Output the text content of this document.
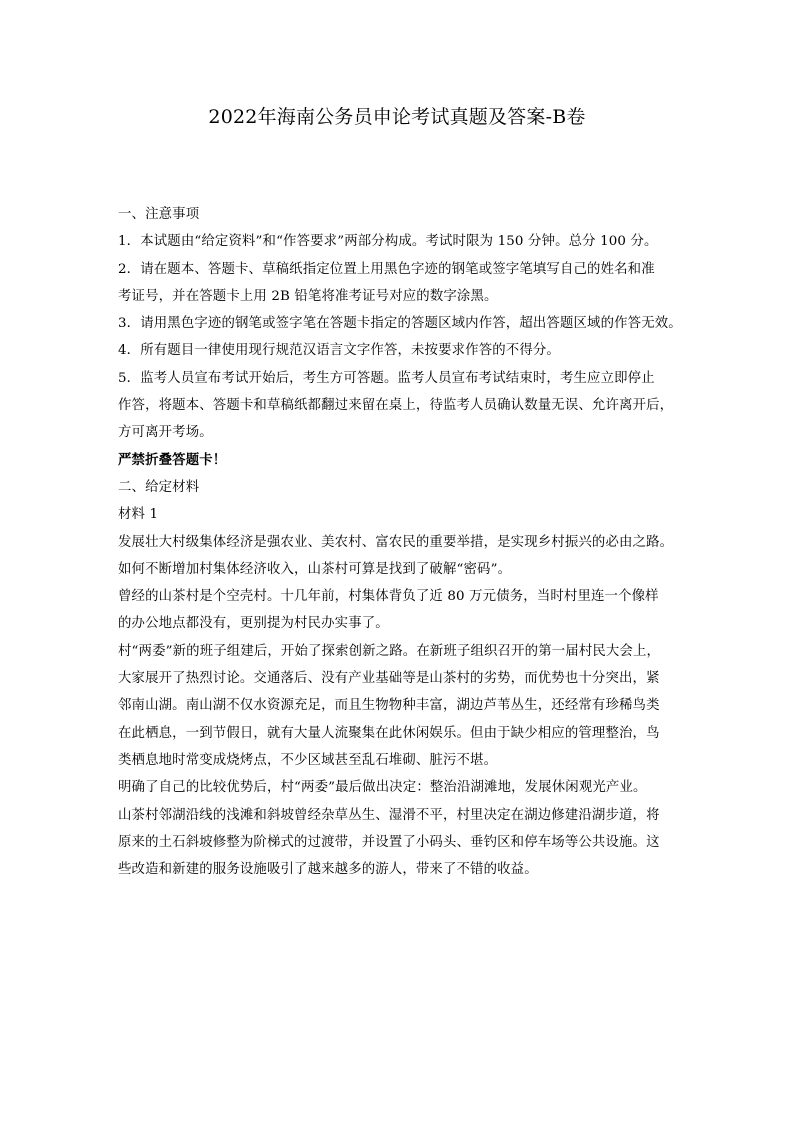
2022年海南公务员申论考试真题及答案-B卷
一、注意事项
1．本试题由“给定资料”和“作答要求”两部分构成。考试时限为 150 分钟。总分 100 分。
2．请在题本、答题卡、草稿纸指定位置上用黑色字迹的钢笔或签字笔填写自己的姓名和准
考证号，并在答题卡上用 2B 铅笔将准考证号对应的数字涂黑。
3．请用黑色字迹的钢笔或签字笔在答题卡指定的答题区域内作答，超出答题区域的作答无效。
4．所有题目一律使用现行规范汉语言文字作答，未按要求作答的不得分。
5．监考人员宣布考试开始后，考生方可答题。监考人员宣布考试结束时，考生应立即停止
作答，将题本、答题卡和草稿纸都翻过来留在桌上，待监考人员确认数量无误、允许离开后，
方可离开考场。
严禁折叠答题卡！
二、给定材料
材料 1
发展壮大村级集体经济是强农业、美农村、富农民的重要举措，是实现乡村振兴的必由之路。
如何不断增加村集体经济收入，山茶村可算是找到了破解“密码”。
曾经的山茶村是个空壳村。十几年前，村集体背负了近 80 万元债务，当时村里连一个像样
的办公地点都没有，更别提为村民办实事了。
村“两委”新的班子组建后，开始了探索创新之路。在新班子组织召开的第一届村民大会上，
大家展开了热烈讨论。交通落后、没有产业基础等是山茶村的劣势，而优势也十分突出，紧
邻南山湖。南山湖不仅水资源充足，而且生物物种丰富，湖边芦苇丛生，还经常有珍稀鸟类
在此栖息，一到节假日，就有大量人流聚集在此休闲娱乐。但由于缺少相应的管理整治，鸟
类栖息地时常变成烧烤点，不少区域甚至乱石堆砌、脏污不堪。
明确了自己的比较优势后，村“两委”最后做出决定：整治沿湖滩地，发展休闲观光产业。
山茶村邻湖沿线的浅滩和斜坡曾经杂草丛生、湿滑不平，村里决定在湖边修建沿湖步道，将
原来的土石斜坡修整为阶梯式的过渡带，并设置了小码头、垂钓区和停车场等公共设施。这
些改造和新建的服务设施吸引了越来越多的游人，带来了不错的收益。
